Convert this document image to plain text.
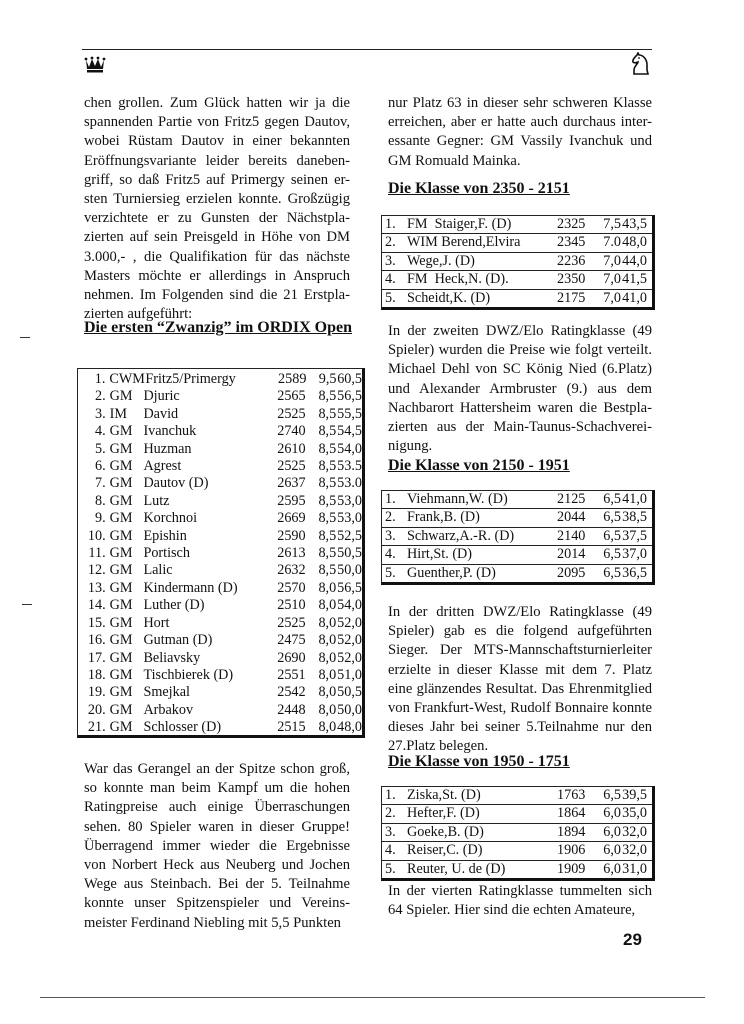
chen grollen. Zum Glück hatten wir ja die spannenden Partie von Fritz5 gegen Dautov, wobei Rüstam Dautov in einer bekannten Eröffnungsvariante leider bereits daneben-griff, so daß Fritz5 auf Primergy seinen er-sten Turniersieg erzielen konnte. Großzügig verzichtete er zu Gunsten der Nächstpla-zierten auf sein Preisgeld in Höhe von DM 3.000,- , die Qualifikation für das nächste Masters möchte er allerdings in Anspruch nehmen. Im Folgenden sind die 21 Erstpla-zierten aufgeführt:

Die ersten “Zwanzig” im ORDIX Open
1. CWM Fritz5/Primergy	2589 9,5 60,5
2. GM Djuric	2565 8,5 56,5
3. IM	David	2525 8,5 55,5
4. GM Ivanchuk	2740 8,5 54,5
5. GM Huzman	2610 8,5 54,0
6. GM Agrest	2525 8,5 53.5
7. GM Dautov (D)	2637 8,5 53.0
8. GM Lutz	2595 8,5 53,0
9. GM Korchnoi	2669 8,5 53,0
10. GM Epishin	2590 8,5 52,5
11. GM Portisch	2613 8,5 50,5
12. GM Lalic	2632 8,5 50,0
13. GM Kindermann (D)	2570 8,0 56,5
14. GM Luther (D)	2510 8,0 54,0
15. GM Hort	2525 8,0 52,0
16. GM Gutman (D)	2475 8,0 52,0
17. GM Beliavsky	2690 8,0 52,0
18. GM Tischbierek (D)	2551 8,0 51,0
19. GM Smejkal	2542 8,0 50,5
20. GM Arbakov	2448 8,0 50,0
21. GM Schlosser (D)	2515 8,0 48,0

War das Gerangel an der Spitze schon groß, so konnte man beim Kampf um die hohen Ratingpreise auch einige Überraschungen sehen. 80 Spieler waren in dieser Gruppe! Überragend immer wieder die Ergebnisse von Norbert Heck aus Neuberg und Jochen Wege aus Steinbach. Bei der 5. Teilnahme konnte unser Spitzenspieler und Vereins-meister Ferdinand Niebling mit 5,5 Punkten

nur Platz 63 in dieser sehr schweren Klasse erreichen, aber er hatte auch durchaus inter-essante Gegner: GM Vassily Ivanchuk und GM Romuald Mainka.

Die Klasse von 2350 - 2151
1. FM  Staiger,F. (D)	2325	7,5 43,5
2. WIM Berend,Elvira	2345	7.0 48,0
3. Wege,J. (D)	2236	7,0 44,0
4. FM  Heck,N. (D).	2350	7,0 41,5
5. Scheidt,K. (D)	2175	7,0 41,0

In der zweiten DWZ/Elo Ratingklasse (49 Spieler) wurden die Preise wie folgt verteilt. Michael Dehl von SC König Nied (6.Platz) und Alexander Armbruster (9.) aus dem Nachbarort Hattersheim waren die Bestpla-zierten aus der Main-Taunus-Schachverei-nigung.

Die Klasse von 2150 - 1951
1. Viehmann,W. (D)	2125	6,5 41,0
2. Frank,B. (D)	2044	6,5 38,5
3. Schwarz,A.-R. (D)	2140	6,5 37,5
4. Hirt,St. (D)	2014	6,5 37,0
5. Guenther,P. (D)	2095	6,5 36,5

In der dritten DWZ/Elo Ratingklasse (49 Spieler) gab es die folgend aufgeführten Sieger. Der MTS-Mannschaftsturnierleiter erzielte in dieser Klasse mit dem 7. Platz eine glänzendes Resultat. Das Ehrenmitglied von Frankfurt-West, Rudolf Bonnaire konnte dieses Jahr bei seiner 5.Teilnahme nur den 27.Platz belegen.

Die Klasse von 1950 - 1751
1. Ziska,St. (D)	1763	6,5 39,5
2. Hefter,F. (D)	1864	6,0 35,0
3. Goeke,B. (D)	1894	6,0 32,0
4. Reiser,C. (D)	1906	6,0 32,0
5. Reuter, U. de (D)	1909	6,0 31,0

In der vierten Ratingklasse tummelten sich 64 Spieler. Hier sind die echten Amateure,

29
